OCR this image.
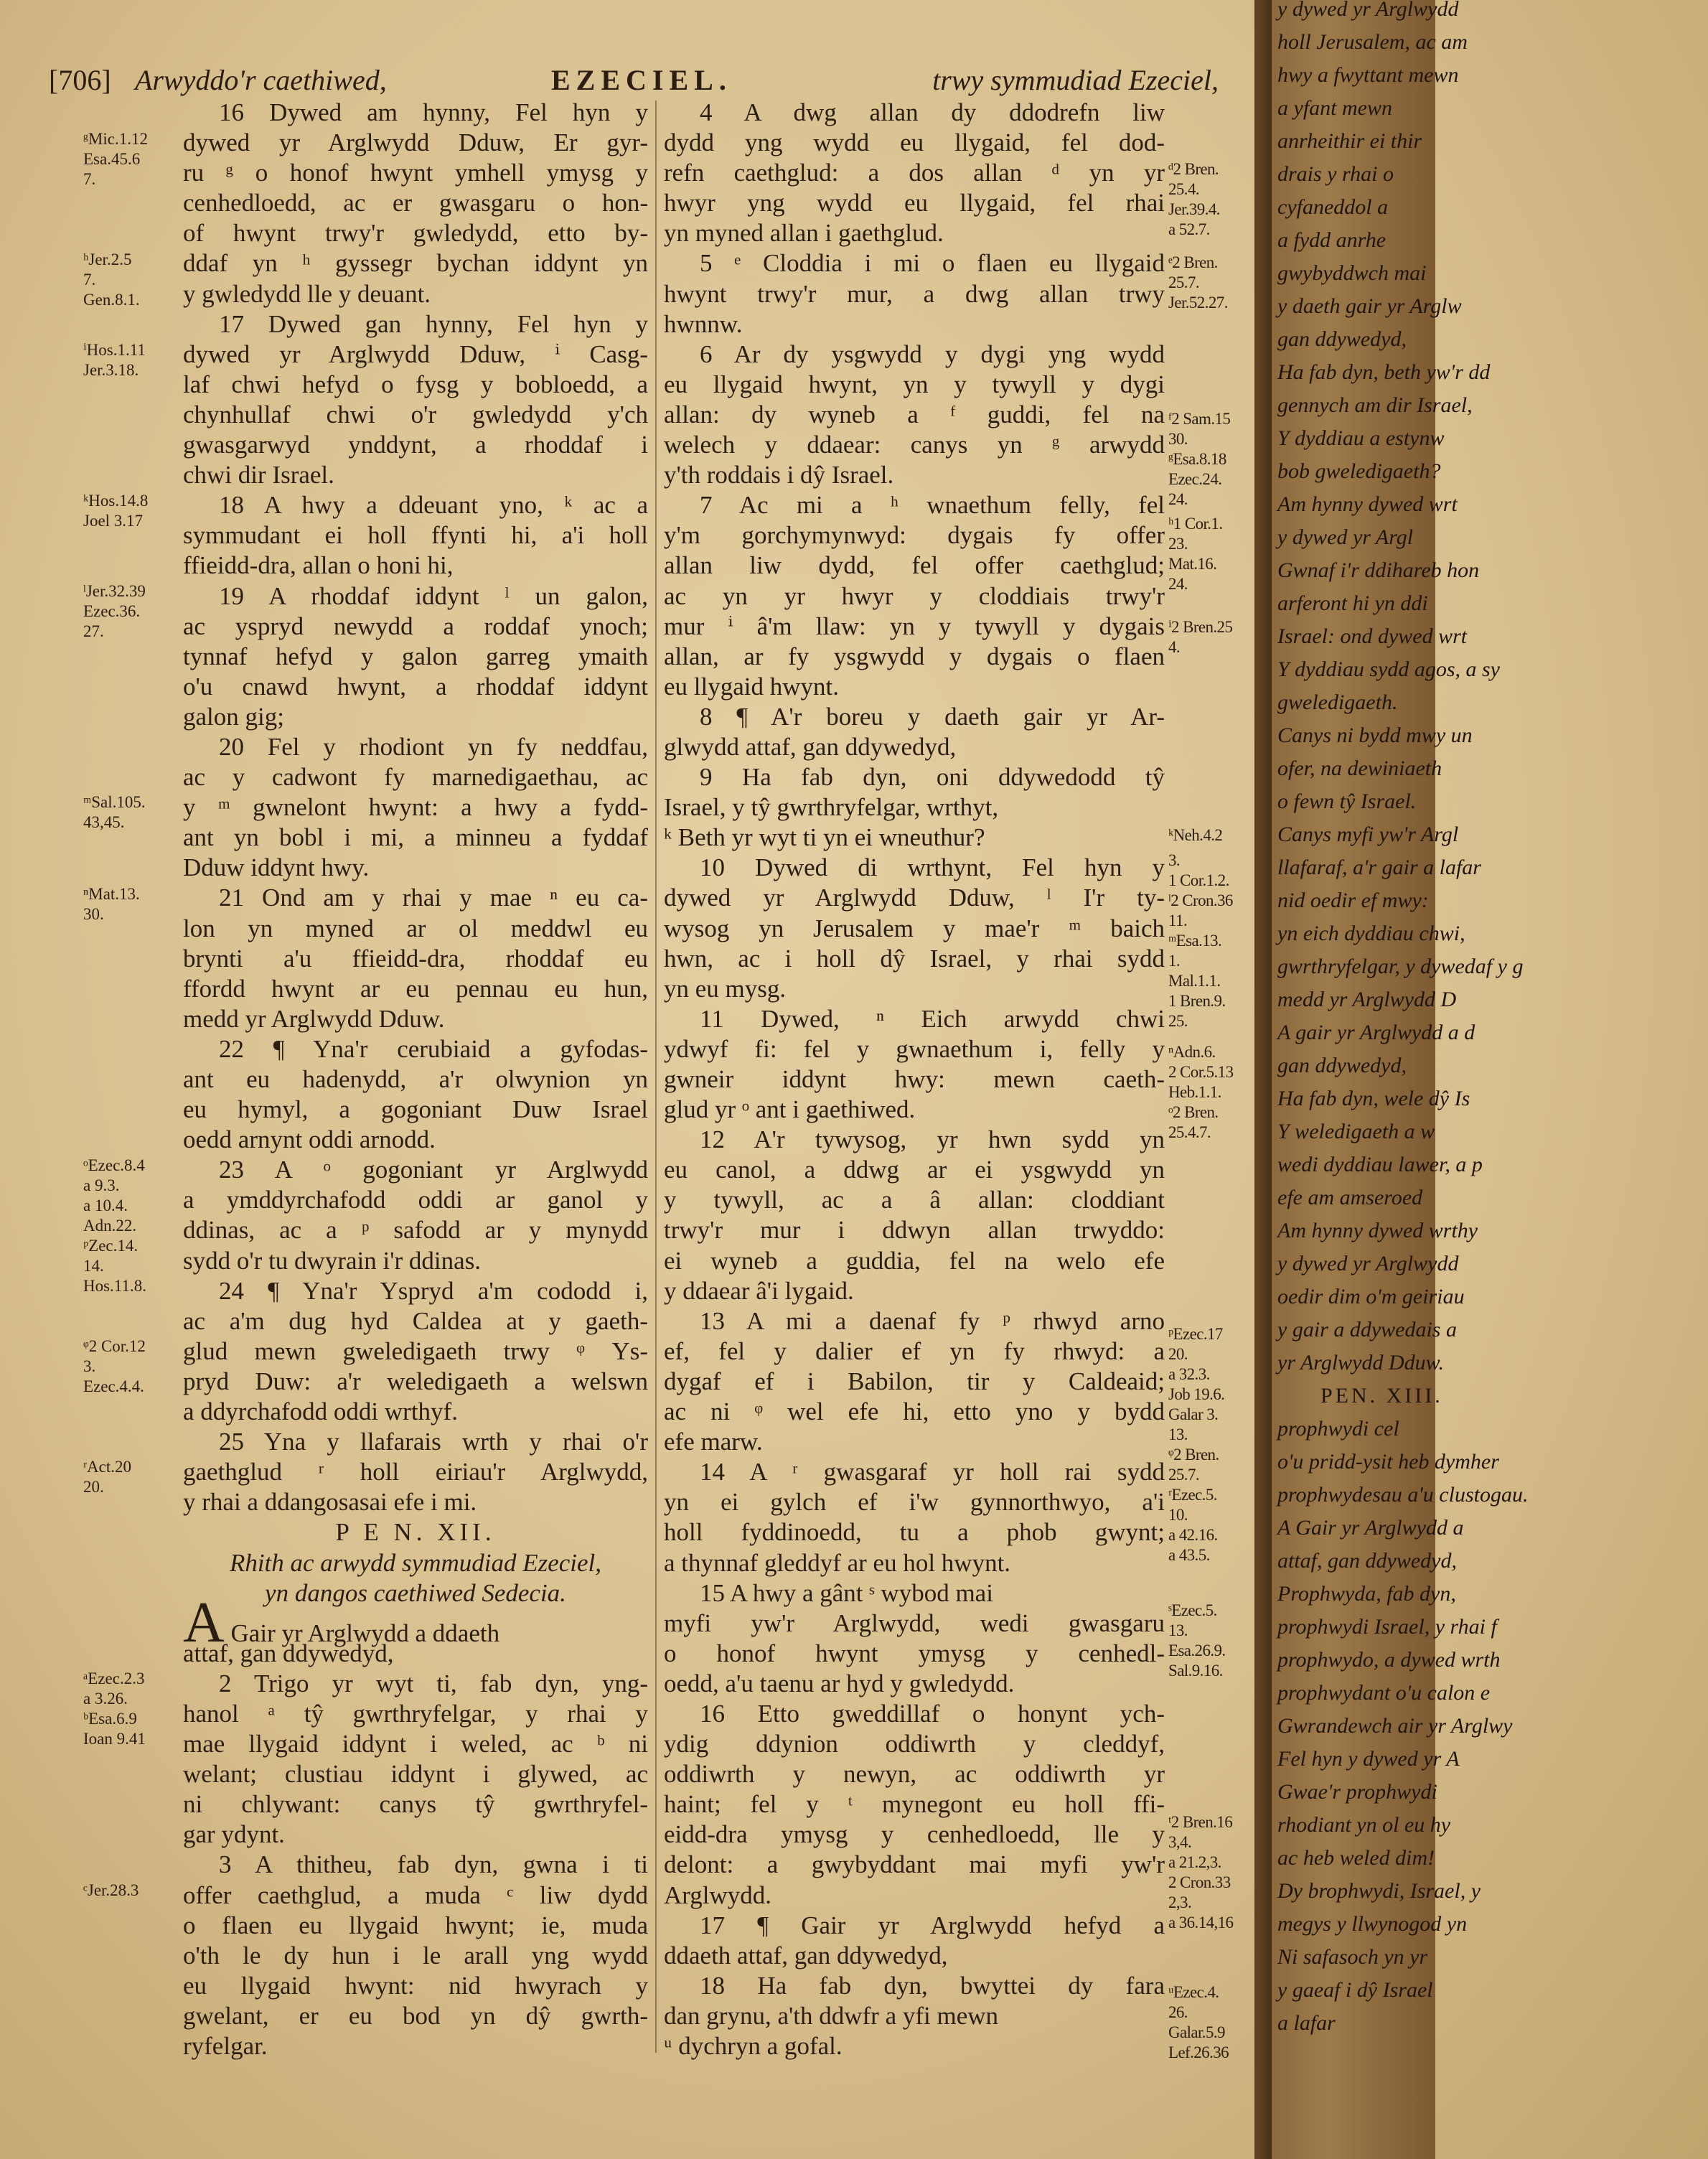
[706] Arwyddo'r caethiwed,	EZECIEL.	trwy symmudiad Ezeciel,
16 Dywed am hynny, Fel hyn y
dywed yr Arglwydd Dduw, Er gyr-
ru ᵍ o honof hwynt ymhell ymysg y
cenhedloedd, ac er gwasgaru o hon-
of hwynt trwy'r gwledydd, etto by-
ddaf yn ʰ gyssegr bychan iddynt yn
y gwledydd lle y deuant.
17 Dywed gan hynny, Fel hyn y
dywed yr Arglwydd Dduw, ⁱ Casg-
laf chwi hefyd o fysg y bobloedd, a
chynhullaf chwi o'r gwledydd y'ch
gwasgarwyd ynddynt, a rhoddaf i
chwi dir Israel.
18 A hwy a ddeuant yno, ᵏ ac a
symmudant ei holl ffynti hi, a'i holl
ffieidd-dra, allan o honi hi,
19 A rhoddaf iddynt ˡ un galon,
ac yspryd newydd a roddaf ynoch;
tynnaf hefyd y galon garreg ymaith
o'u cnawd hwynt, a rhoddaf iddynt
galon gig;
20 Fel y rhodiont yn fy neddfau,
ac y cadwont fy marnedigaethau, ac
y ᵐ gwnelont hwynt: a hwy a fydd-
ant yn bobl i mi, a minneu a fyddaf
Dduw iddynt hwy.
21 Ond am y rhai y mae ⁿ eu ca-
lon yn myned ar ol meddwl eu
brynti a'u ffieidd-dra, rhoddaf eu
ffordd hwynt ar eu pennau eu hun,
medd yr Arglwydd Dduw.
22 ¶ Yna'r cerubiaid a gyfodas-
ant eu hadenydd, a'r olwynion yn
eu hymyl, a gogoniant Duw Israel
oedd arnynt oddi arnodd.
23 A ᵒ gogoniant yr Arglwydd
a ymddyrchafodd oddi ar ganol y
ddinas, ac a ᵖ safodd ar y mynydd
sydd o'r tu dwyrain i'r ddinas.
24 ¶ Yna'r Yspryd a'm cododd i,
ac a'm dug hyd Caldea at y gaeth-
glud mewn gweledigaeth trwy ᵠ Ys-
pryd Duw: a'r weledigaeth a welswn
a ddyrchafodd oddi wrthyf.
25 Yna y llafarais wrth y rhai o'r
gaethglud ʳ holl eiriau'r Arglwydd,
y rhai a ddangosasai efe i mi.
P E N. XII.
Rhith ac arwydd symmudiad Ezeciel,
yn dangos caethiwed Sedecia.
A Gair yr Arglwydd a ddaeth
attaf, gan ddywedyd,
2 Trigo yr wyt ti, fab dyn, yng-
hanol ᵃ tŷ gwrthryfelgar, y rhai y
mae llygaid iddynt i weled, ac ᵇ ni
welant; clustiau iddynt i glywed, ac
ni chlywant: canys tŷ gwrthryfel-
gar ydynt.
3 A thitheu, fab dyn, gwna i ti
offer caethglud, a muda ᶜ liw dydd
o flaen eu llygaid hwynt; ie, muda
o'th le dy hun i le arall yng wydd
eu llygaid hwynt: nid hwyrach y
gwelant, er eu bod yn dŷ gwrth-
ryfelgar.
4 A dwg allan dy ddodrefn liw
dydd yng wydd eu llygaid, fel dod-
refn caethglud: a dos allan ᵈ yn yr
hwyr yng wydd eu llygaid, fel rhai
yn myned allan i gaethglud.
5 ᵉ Cloddia i mi o flaen eu llygaid
hwynt trwy'r mur, a dwg allan trwy
hwnnw.
6 Ar dy ysgwydd y dygi yng wydd
eu llygaid hwynt, yn y tywyll y dygi
allan: dy wyneb a ᶠ guddi, fel na
welech y ddaear: canys yn ᵍ arwydd
y'th roddais i dŷ Israel.
7 Ac mi a ʰ wnaethum felly, fel
y'm gorchymynwyd: dygais fy offer
allan liw dydd, fel offer caethglud;
ac yn yr hwyr y cloddiais trwy'r
mur ⁱ â'm llaw: yn y tywyll y dygais
allan, ar fy ysgwydd y dygais o flaen
eu llygaid hwynt.
8 ¶ A'r boreu y daeth gair yr Ar-
glwydd attaf, gan ddywedyd,
9 Ha fab dyn, oni ddywedodd tŷ
Israel, y tŷ gwrthryfelgar, wrthyt,
ᵏ Beth yr wyt ti yn ei wneuthur?
10 Dywed di wrthynt, Fel hyn y
dywed yr Arglwydd Dduw, ˡ I'r ty-
wysog yn Jerusalem y mae'r ᵐ baich
hwn, ac i holl dŷ Israel, y rhai sydd
yn eu mysg.
11 Dywed, ⁿ Eich arwydd chwi
ydwyf fi: fel y gwnaethum i, felly y
gwneir iddynt hwy: mewn caeth-
glud yr ᵒ ant i gaethiwed.
12 A'r tywysog, yr hwn sydd yn
eu canol, a ddwg ar ei ysgwydd yn
y tywyll, ac a â allan: cloddiant
trwy'r mur i ddwyn allan trwyddo:
ei wyneb a guddia, fel na welo efe
y ddaear â'i lygaid.
13 A mi a daenaf fy ᵖ rhwyd arno
ef, fel y dalier ef yn fy rhwyd: a
dygaf ef i Babilon, tir y Caldeaid;
ac ni ᵠ wel efe hi, etto yno y bydd
efe marw.
14 A ʳ gwasgaraf yr holl rai sydd
yn ei gylch ef i'w gynnorthwyo, a'i
holl fyddinoedd, tu a phob gwynt;
a thynnaf gleddyf ar eu hol hwynt.
15 A hwy a gânt ˢ wybod mai
myfi yw'r Arglwydd, wedi gwasgaru
o honof hwynt ymysg y cenhedl-
oedd, a'u taenu ar hyd y gwledydd.
16 Etto gweddillaf o honynt ych-
ydig ddynion oddiwrth y cleddyf,
oddiwrth y newyn, ac oddiwrth yr
haint; fel y ᵗ mynegont eu holl ffi-
eidd-dra ymysg y cenhedloedd, lle y
delont: a gwybyddant mai myfi yw'r
Arglwydd.
17 ¶ Gair yr Arglwydd hefyd a
ddaeth attaf, gan ddywedyd,
18 Ha fab dyn, bwyttei dy fara
dan grynu, a'th ddwfr a yfi mewn
ᵘ dychryn a gofal.
ᵍMic.1.12
Esa.45.6
7.
ʰJer.2.5
7.
Gen.8.1.
ⁱHos.1.11
Jer.3.18.
ᵏHos.14.8
Joel 3.17
ˡJer.32.39
Ezec.36.
27.
ᵐSal.105.
43,45.
ⁿMat.13.
30.
ᵒEzec.8.4
a 9.3.
a 10.4.
Adn.22.
ᵖZec.14.
14.
Hos.11.8.
ᵠ2 Cor.12
3.
Ezec.4.4.
ʳAct.20
20.
ᵃEzec.2.3
a 3.26.
ᵇEsa.6.9
Ioan 9.41
ᶜJer.28.3
ᵈ2 Bren.
25.4.
Jer.39.4.
a 52.7.
ᵉ2 Bren.
25.7.
Jer.52.27.
ᶠ2 Sam.15
30.
ᵍEsa.8.18
Ezec.24.
24.
ʰ1 Cor.1.
23.
Mat.16.
24.
ⁱ2 Bren.25
4.
ᵏNeh.4.2
3.
1 Cor.1.2.
ˡ2 Cron.36
11.
ᵐEsa.13.
1.
Mal.1.1.
1 Bren.9.
25.
ⁿAdn.6.
2 Cor.5.13
Heb.1.1.
ᵒ2 Bren.
25.4.7.
ᵖEzec.17
20.
a 32.3.
Job 19.6.
Galar 3.
13.
ᵠ2 Bren.
25.7.
ʳEzec.5.
10.
a 42.16.
a 43.5.
ˢEzec.5.
13.
Esa.26.9.
Sal.9.16.
ᵗ2 Bren.16
3,4.
a 21.2,3.
2 Cron.33
2,3.
a 36.14,16
ᵘEzec.4.
26.
Galar.5.9
Lef.26.36
y dywed yr Arglwydd
holl Jerusalem, ac am
hwy a fwyttant mewn
a yfant mewn
anrheithir ei thir
drais y rhai o
cyfaneddol a
a fydd anrhe
gwybyddwch mai
y daeth gair yr Arglw
gan ddywedyd,
Ha fab dyn, beth yw'r dd
gennych am dir Israel,
Y dyddiau a estynw
bob gweledigaeth?
Am hynny dywed wrt
y dywed yr Argl
Gwnaf i'r ddihareb hon
arferont hi yn ddi
Israel: ond dywed wrt
Y dyddiau sydd agos, a sy
gweledigaeth.
Canys ni bydd mwy un
ofer, na dewiniaeth
o fewn tŷ Israel.
Canys myfi yw'r Argl
llafaraf, a'r gair a lafar
nid oedir ef mwy:
yn eich dyddiau chwi,
gwrthryfelgar, y dywedaf y g
medd yr Arglwydd D
A gair yr Arglwydd a d
gan ddywedyd,
Ha fab dyn, wele dŷ Is
Y weledigaeth a w
wedi dyddiau lawer, a p
efe am amseroed
Am hynny dywed wrthy
y dywed yr Arglwydd
oedir dim o'm geiriau
y gair a ddywedais a
yr Arglwydd Dduw.
PEN. XIII.
prophwydi cel
o'u pridd-ysit heb dymher
prophwydesau a'u clustogau.
A Gair yr Arglwydd a
attaf, gan ddywedyd,
Prophwyda, fab dyn,
prophwydi Israel, y rhai f
prophwydo, a dywed wrth
prophwydant o'u calon e
Gwrandewch air yr Arglwy
Fel hyn y dywed yr A
Gwae'r prophwydi
rhodiant yn ol eu hy
ac heb weled dim!
Dy brophwydi, Israel, y
megys y llwynogod yn
Ni safasoch yn yr
y gaeaf i dŷ Israel
a lafar
